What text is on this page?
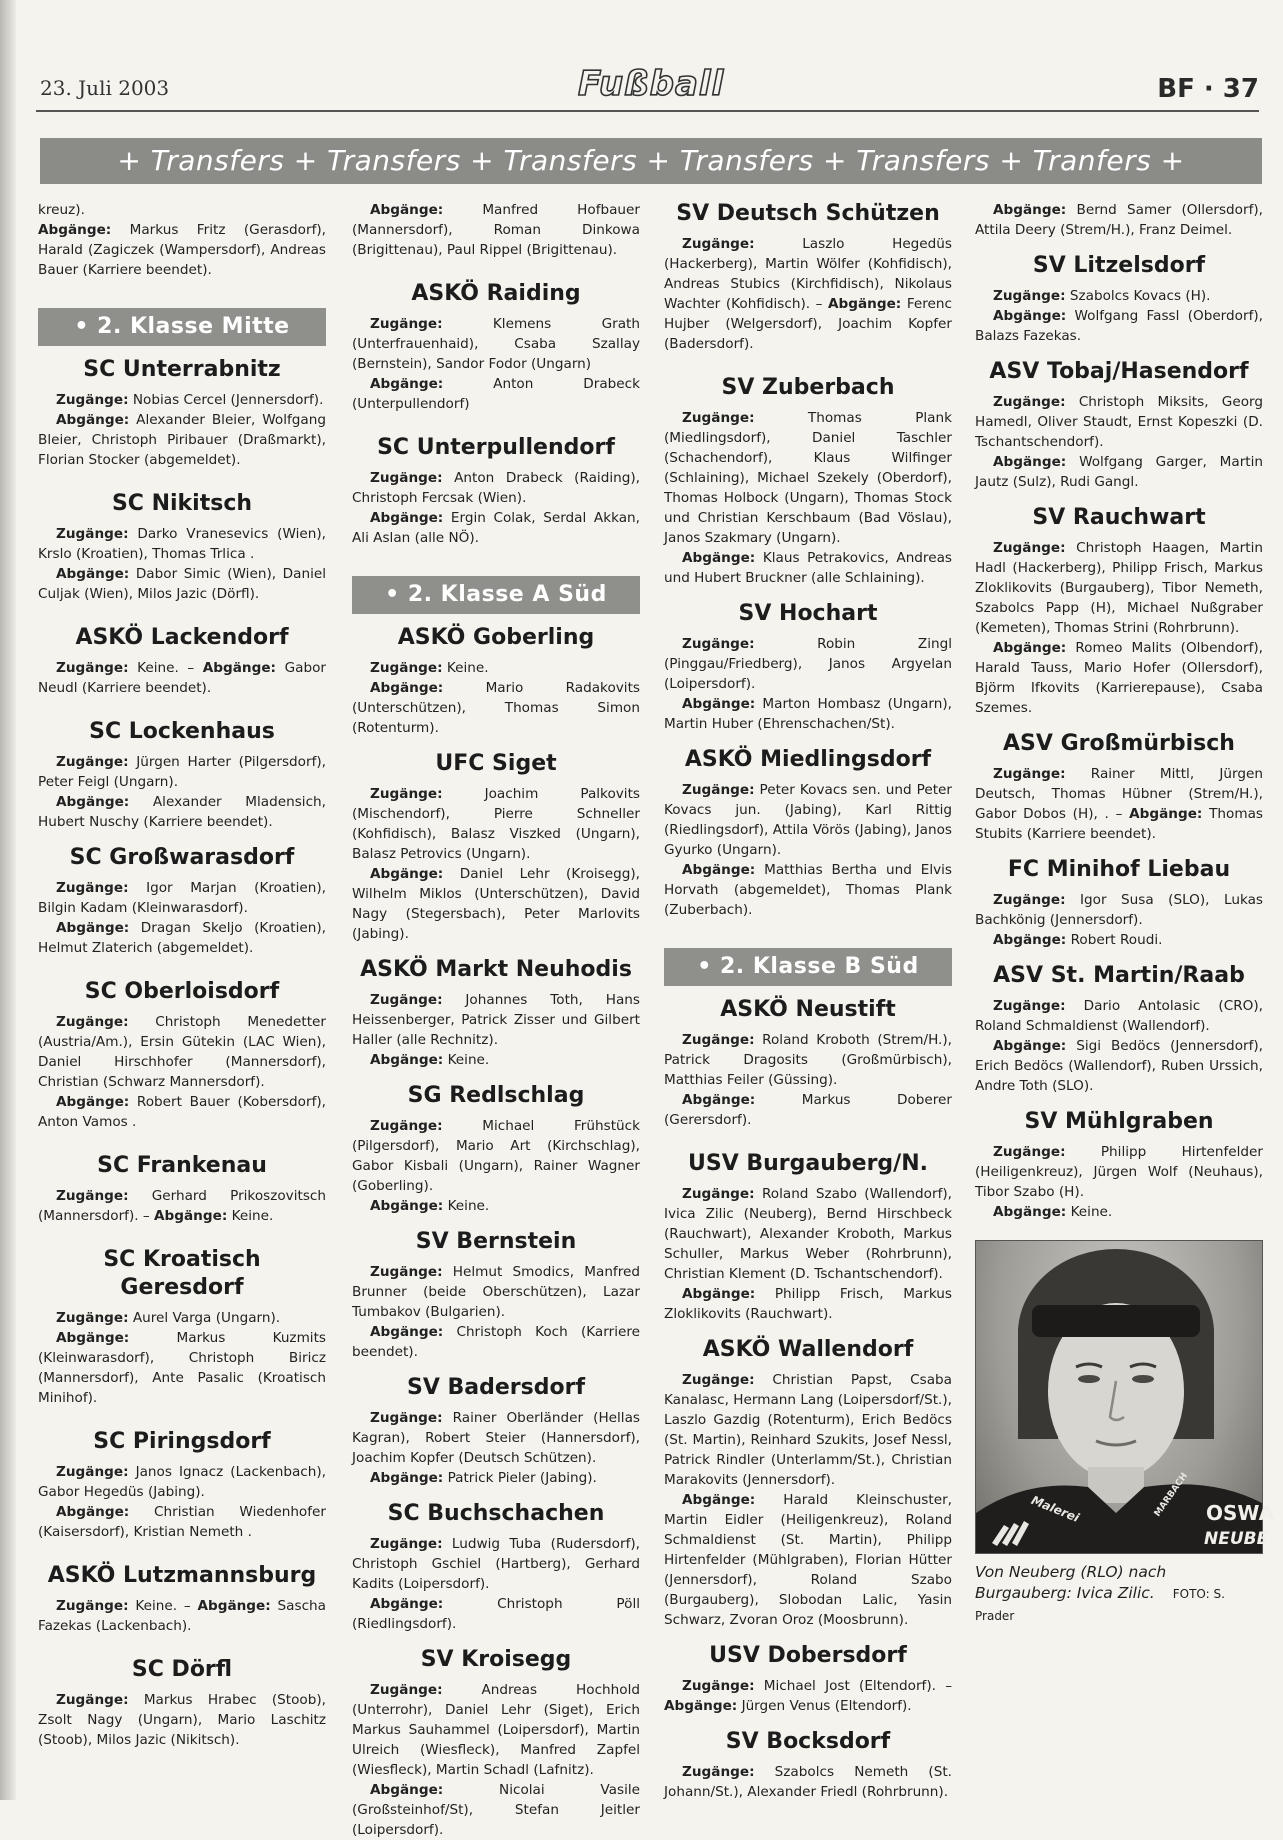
23. Juli 2003	Fußball	BF · 37
+ Transfers + Transfers + Transfers + Transfers + Transfers + Tranfers +

kreuz).
Abgänge: Markus Fritz (Gerasdorf), Harald (Zagiczek (Wampersdorf), Andreas Bauer (Karriere beendet).

• 2. Klasse Mitte
SC Unterrabnitz

Zugänge: Nobias Cercel (Jennersdorf).

Abgänge: Alexander Bleier, Wolfgang Bleier, Christoph Piribauer (Draßmarkt), Florian Stocker (abgemeldet).

SC Nikitsch

Zugänge: Darko Vranesevics (Wien), Krslo (Kroatien), Thomas Trlica .

Abgänge: Dabor Simic (Wien), Daniel Culjak (Wien), Milos Jazic (Dörfl).

ASKÖ Lackendorf

Zugänge: Keine. – Abgänge: Gabor Neudl (Karriere beendet).

SC Lockenhaus

Zugänge: Jürgen Harter (Pilgersdorf), Peter Feigl (Ungarn).

Abgänge: Alexander Mladensich, Hubert Nuschy (Karriere beendet).

SC Großwarasdorf

Zugänge: Igor Marjan (Kroatien), Bilgin Kadam (Kleinwarasdorf).

Abgänge: Dragan Skeljo (Kroatien), Helmut Zlaterich (abgemeldet).

SC Oberloisdorf

Zugänge: Christoph Menedetter (Austria/Am.), Ersin Gütekin (LAC Wien), Daniel Hirschhofer (Mannersdorf), Christian (Schwarz Mannersdorf).

Abgänge: Robert Bauer (Kobersdorf), Anton Vamos .

SC Frankenau

Zugänge: Gerhard Prikoszovitsch (Mannersdorf). – Abgänge: Keine.

SC Kroatisch Geresdorf

Zugänge: Aurel Varga (Ungarn).

Abgänge:	Markus Kuzmits (Kleinwarasdorf), Christoph Biricz (Mannersdorf), Ante Pasalic (Kroatisch Minihof).

SC Piringsdorf

Zugänge: Janos Ignacz (Lackenbach), Gabor Hegedüs (Jabing).

Abgänge: Christian Wiedenhofer (Kaisersdorf), Kristian Nemeth .

ASKÖ Lutzmannsburg

Zugänge: Keine. – Abgänge: Sascha Fazekas (Lackenbach).

SC Dörfl

Zugänge: Markus Hrabec (Stoob), Zsolt Nagy (Ungarn), Mario Laschitz (Stoob), Milos Jazic (Nikitsch).

Abgänge:	Manfred Hofbauer (Mannersdorf), Roman Dinkowa (Brigittenau), Paul Rippel (Brigittenau).

ASKÖ Raiding

Zugänge:	Klemens Grath (Unterfrauenhaid), Csaba Szallay (Bernstein), Sandor Fodor (Ungarn)

Abgänge:	Anton Drabeck (Unterpullendorf)

SC Unterpullendorf

Zugänge: Anton Drabeck (Raiding), Christoph Fercsak (Wien).

Abgänge: Ergin Colak, Serdal Akkan, Ali Aslan (alle NÖ).

• 2. Klasse A Süd
ASKÖ Goberling

Zugänge: Keine.

Abgänge:	Mario Radakovits (Unterschützen), Thomas Simon (Rotenturm).

UFC Siget

Zugänge:	Joachim Palkovits (Mischendorf), Pierre Schneller (Kohfidisch), Balasz Viszked (Ungarn), Balasz Petrovics (Ungarn).

Abgänge: Daniel Lehr (Kroisegg), Wilhelm Miklos (Unterschützen), David Nagy (Stegersbach), Peter Marlovits (Jabing).

ASKÖ Markt Neuhodis

Zugänge: Johannes Toth, Hans Heissenberger, Patrick Zisser und Gilbert Haller (alle Rechnitz).

Abgänge: Keine.

SG Redlschlag

Zugänge:	Michael Frühstück (Pilgersdorf), Mario Art (Kirchschlag), Gabor Kisbali (Ungarn), Rainer Wagner (Goberling).

Abgänge: Keine.

SV Bernstein

Zugänge: Helmut Smodics, Manfred Brunner (beide Oberschützen), Lazar Tumbakov (Bulgarien).

Abgänge: Christoph Koch (Karriere beendet).

SV Badersdorf

Zugänge: Rainer Oberländer (Hellas Kagran), Robert Steier (Hannersdorf), Joachim Kopfer (Deutsch Schützen).

Abgänge: Patrick Pieler (Jabing).

SC Buchschachen

Zugänge: Ludwig Tuba (Rudersdorf), Christoph Gschiel (Hartberg), Gerhard Kadits (Loipersdorf).

Abgänge:	Christoph Pöll (Riedlingsdorf).

SV Kroisegg

Zugänge:	Andreas Hochhold (Unterrohr), Daniel Lehr (Siget), Erich Markus Sauhammel (Loipersdorf), Martin Ulreich (Wiesfleck), Manfred Zapfel (Wiesfleck), Martin Schadl (Lafnitz).

Abgänge:	Nicolai Vasile (Großsteinhof/St), Stefan Jeitler (Loipersdorf).

SV Deutsch Schützen

Zugänge:	Laszlo Hegedüs (Hackerberg), Martin Wölfer (Kohfidisch), Andreas Stubics (Kirchfidisch), Nikolaus Wachter (Kohfidisch). – Abgänge: Ferenc Hujber (Welgersdorf), Joachim Kopfer (Badersdorf).

SV Zuberbach

Zugänge:	Thomas Plank (Miedlingsdorf), Daniel Taschler (Schachendorf), Klaus Wilfinger (Schlaining), Michael Szekely (Oberdorf), Thomas Holbock (Ungarn), Thomas Stock und Christian Kerschbaum (Bad Vöslau), Janos Szakmary (Ungarn).

Abgänge: Klaus Petrakovics, Andreas und Hubert Bruckner (alle Schlaining).

SV Hochart

Zugänge:	Robin Zingl (Pinggau/Friedberg), Janos Argyelan (Loipersdorf).

Abgänge: Marton Hombasz (Ungarn), Martin Huber (Ehrenschachen/St).

ASKÖ Miedlingsdorf

Zugänge: Peter Kovacs sen. und Peter Kovacs jun. (Jabing), Karl Rittig (Riedlingsdorf), Attila Vörös (Jabing), Janos Gyurko (Ungarn).

Abgänge: Matthias Bertha und Elvis Horvath (abgemeldet), Thomas Plank (Zuberbach).

• 2. Klasse B Süd
ASKÖ Neustift

Zugänge: Roland Kroboth (Strem/H.), Patrick Dragosits (Großmürbisch), Matthias Feiler (Güssing).

Abgänge:	Markus Doberer (Gerersdorf).

USV Burgauberg/N.

Zugänge: Roland Szabo (Wallendorf), Ivica Zilic (Neuberg), Bernd Hirschbeck (Rauchwart), Alexander Kroboth, Markus Schuller, Markus Weber (Rohrbrunn), Christian Klement (D. Tschantschendorf).

Abgänge: Philipp Frisch, Markus Zloklikovits (Rauchwart).

ASKÖ Wallendorf

Zugänge: Christian Papst, Csaba Kanalasc, Hermann Lang (Loipersdorf/St.), Laszlo Gazdig (Rotenturm), Erich Bedöcs (St. Martin), Reinhard Szukits, Josef Nessl, Patrick Rindler (Unterlamm/St.), Christian Marakovits (Jennersdorf).

Abgänge: Harald Kleinschuster, Martin Eidler (Heiligenkreuz), Roland Schmaldienst (St. Martin), Philipp Hirtenfelder (Mühlgraben), Florian Hütter (Jennersdorf), Roland Szabo (Burgauberg), Slobodan Lalic, Yasin Schwarz, Zvoran Oroz (Moosbrunn).

USV Dobersdorf

Zugänge: Michael Jost (Eltendorf). – Abgänge: Jürgen Venus (Eltendorf).

SV Bocksdorf

Zugänge: Szabolcs Nemeth (St. Johann/St.), Alexander Friedl (Rohrbrunn).

Abgänge: Bernd Samer (Ollersdorf), Attila Deery (Strem/H.), Franz Deimel.

SV Litzelsdorf

Zugänge: Szabolcs Kovacs (H).

Abgänge: Wolfgang Fassl (Oberdorf), Balazs Fazekas.

ASV Tobaj/Hasendorf

Zugänge: Christoph Miksits, Georg Hamedl, Oliver Staudt, Ernst Kopeszki (D. Tschantschendorf).

Abgänge: Wolfgang Garger, Martin Jautz (Sulz), Rudi Gangl.

SV Rauchwart

Zugänge: Christoph Haagen, Martin Hadl (Hackerberg), Philipp Frisch, Markus Zloklikovits (Burgauberg), Tibor Nemeth, Szabolcs Papp (H), Michael Nußgraber (Kemeten), Thomas Strini (Rohrbrunn).

Abgänge: Romeo Malits (Olbendorf), Harald Tauss, Mario Hofer (Ollersdorf), Björm Ifkovits (Karrierepause), Csaba Szemes.

ASV Großmürbisch

Zugänge: Rainer Mittl, Jürgen Deutsch, Thomas Hübner (Strem/H.), Gabor Dobos (H), . – Abgänge: Thomas Stubits (Karriere beendet).

FC Minihof Liebau

Zugänge: Igor Susa (SLO), Lukas Bachkönig (Jennersdorf).

Abgänge: Robert Roudi.

ASV St. Martin/Raab

Zugänge: Dario Antolasic (CRO), Roland Schmaldienst (Wallendorf).

Abgänge: Sigi Bedöcs (Jennersdorf), Erich Bedöcs (Wallendorf), Ruben Urssich, Andre Toth (SLO).

SV Mühlgraben

Zugänge:	Philipp Hirtenfelder (Heiligenkreuz), Jürgen Wolf (Neuhaus), Tibor Szabo (H).

Abgänge: Keine.

Malerei	MARBACH OSWA
NEUBE
Von Neuberg (RLO) nach Burgauberg: Ivica Zilic. FOTO: S. Prader
